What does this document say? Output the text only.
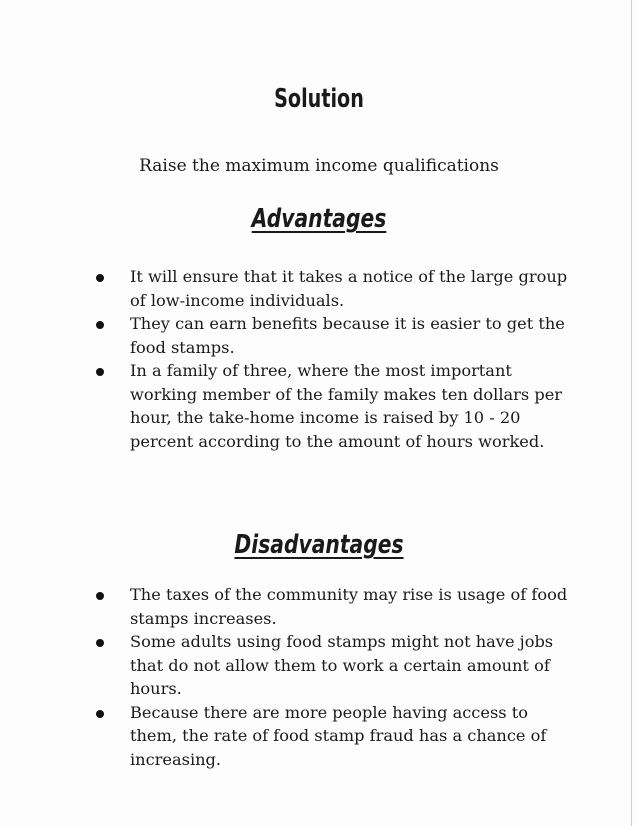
Solution
Raise the maximum income qualifications
Advantages
It will ensure that it takes a notice of the large group of low-income individuals.
They can earn benefits because it is easier to get the food stamps.
In a family of three, where the most important working member of the family makes ten dollars per hour, the take-home income is raised by 10 - 20 percent according to the amount of hours worked.
Disadvantages
The taxes of the community may rise is usage of food stamps increases.
Some adults using food stamps might not have jobs that do not allow them to work a certain amount of hours.
Because there are more people having access to them, the rate of food stamp fraud has a chance of increasing.
